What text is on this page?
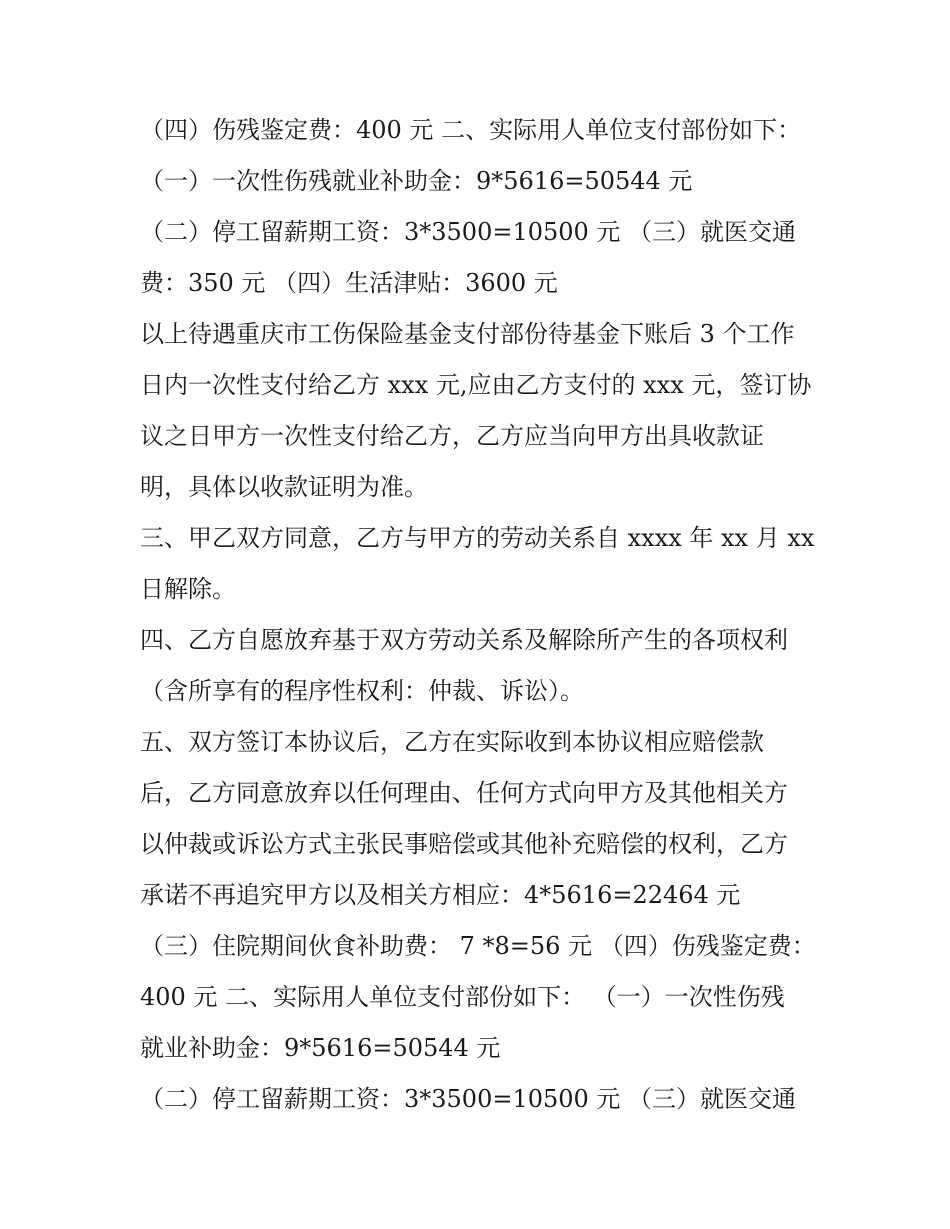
（四）伤残鉴定费：400 元 二、实际用人单位支付部份如下：
（一）一次性伤残就业补助金：9*5616=50544 元
（二）停工留薪期工资：3*3500=10500 元 （三）就医交通
费：350 元 （四）生活津贴：3600 元
以上待遇重庆市工伤保险基金支付部份待基金下账后 3 个工作
日内一次性支付给乙方 xxx 元,应由乙方支付的 xxx 元，签订协
议之日甲方一次性支付给乙方，乙方应当向甲方出具收款证
明，具体以收款证明为准。
三、甲乙双方同意，乙方与甲方的劳动关系自 xxxx 年 xx 月 xx
日解除。
四、乙方自愿放弃基于双方劳动关系及解除所产生的各项权利
（含所享有的程序性权利：仲裁、诉讼）。
五、双方签订本协议后，乙方在实际收到本协议相应赔偿款
后，乙方同意放弃以任何理由、任何方式向甲方及其他相关方
以仲裁或诉讼方式主张民事赔偿或其他补充赔偿的权利，乙方
承诺不再追究甲方以及相关方相应：4*5616=22464 元
（三）住院期间伙食补助费： 7 *8=56 元 （四）伤残鉴定费：
400 元 二、实际用人单位支付部份如下： （一）一次性伤残
就业补助金：9*5616=50544 元
（二）停工留薪期工资：3*3500=10500 元 （三）就医交通
